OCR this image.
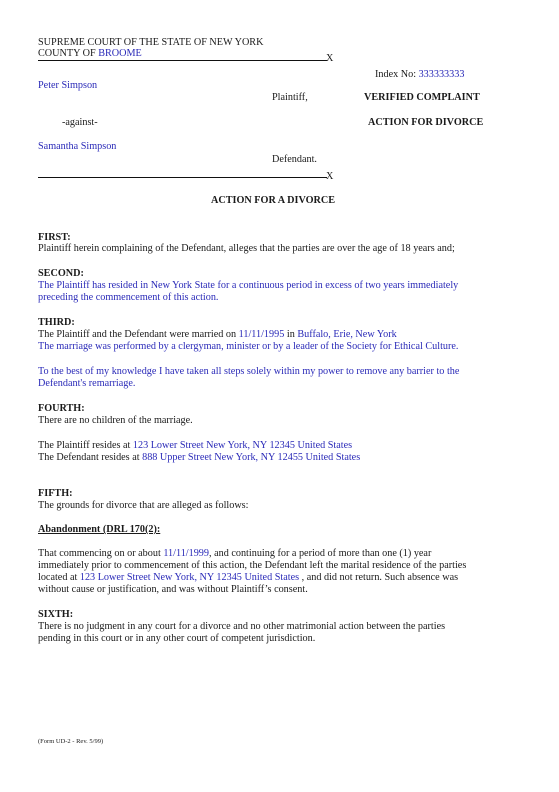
SUPREME COURT OF THE STATE OF NEW YORK
COUNTY OF BROOME	X
Index No: 333333333
Peter Simpson
Plaintiff,	VERIFIED COMPLAINT
-against-	ACTION FOR DIVORCE
Samantha Simpson
Defendant.
X
ACTION FOR A DIVORCE
FIRST:
Plaintiff herein complaining of the Defendant, alleges that the parties are over the age of 18 years and;
SECOND:
The Plaintiff has resided in New York State for a continuous period in excess of two years immediately
preceding the commencement of this action.
THIRD:
The Plaintiff and the Defendant were married on 11/11/1995 in Buffalo, Erie, New York
The marriage was performed by a clergyman, minister or by a leader of the Society for Ethical Culture.
To the best of my knowledge I have taken all steps solely within my power to remove any barrier to the
Defendant's remarriage.
FOURTH:
There are no children of the marriage.
The Plaintiff resides at 123 Lower Street New York, NY 12345 United States
The Defendant resides at 888 Upper Street New York, NY 12455 United States
FIFTH:
The grounds for divorce that are alleged as follows:
Abandonment (DRL 170(2):
That commencing on or about 11/11/1999, and continuing for a period of more than one (1) year
immediately prior to commencement of this action, the Defendant left the marital residence of the parties
located at 123 Lower Street New York, NY 12345 United States , and did not return. Such absence was
without cause or justification, and was without Plaintiff’s consent.
SIXTH:
There is no judgment in any court for a divorce and no other matrimonial action between the parties
pending in this court or in any other court of competent jurisdiction.
(Form UD-2 - Rev. 5/99)
